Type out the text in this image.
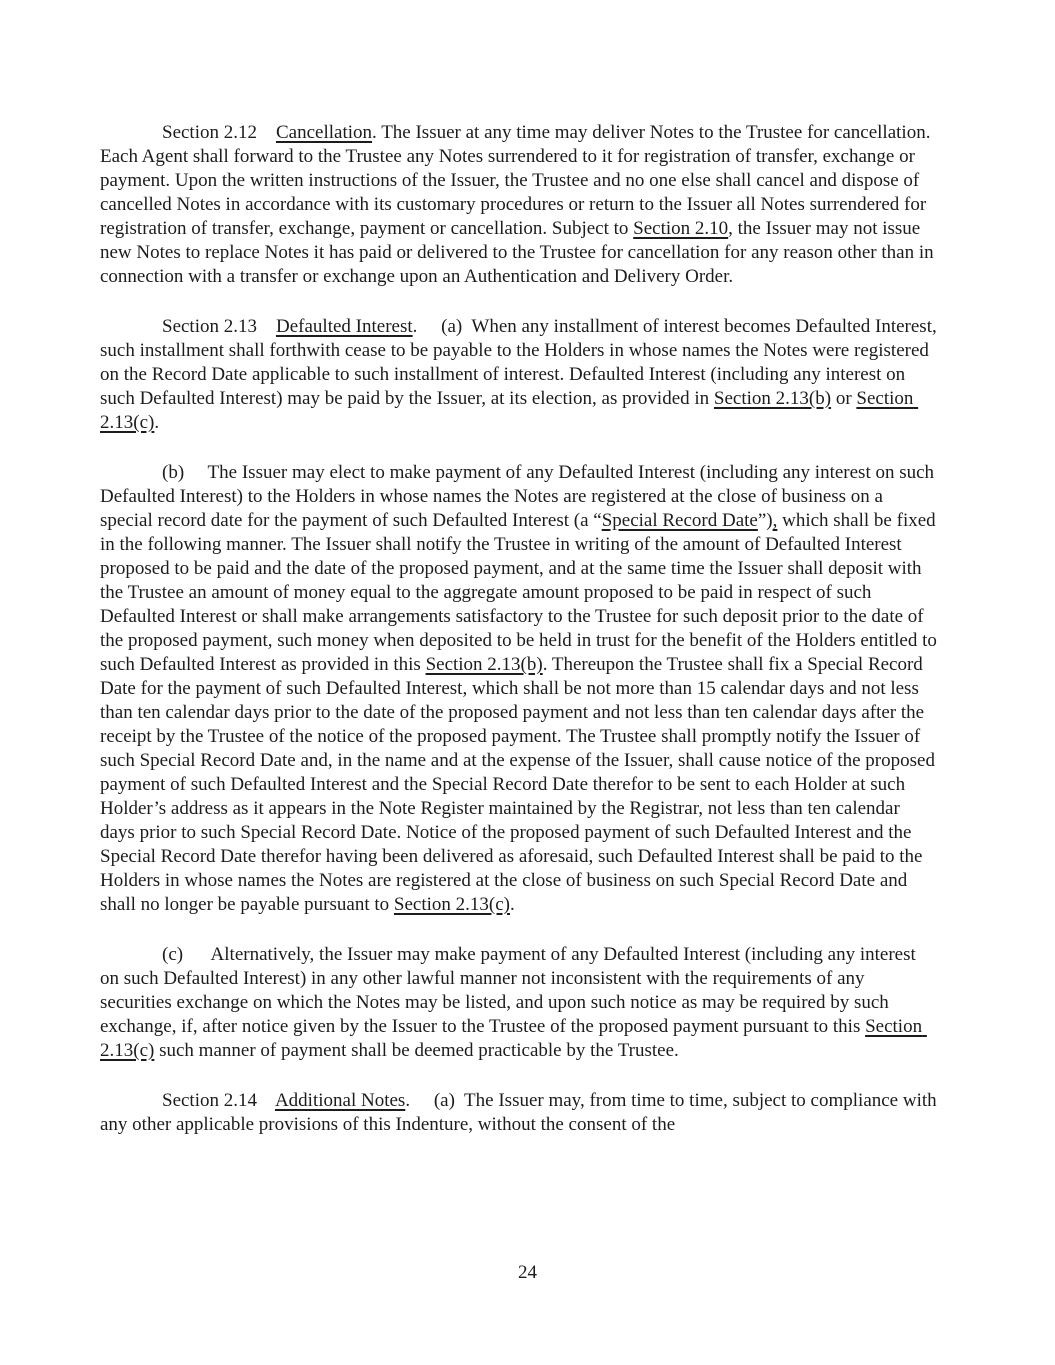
Section 2.12    Cancellation. The Issuer at any time may deliver Notes to the Trustee for cancellation. Each Agent shall forward to the Trustee any Notes surrendered to it for registration of transfer, exchange or payment. Upon the written instructions of the Issuer, the Trustee and no one else shall cancel and dispose of cancelled Notes in accordance with its customary procedures or return to the Issuer all Notes surrendered for registration of transfer, exchange, payment or cancellation. Subject to Section 2.10, the Issuer may not issue new Notes to replace Notes it has paid or delivered to the Trustee for cancellation for any reason other than in connection with a transfer or exchange upon an Authentication and Delivery Order.

Section 2.13    Defaulted Interest.     (a)  When any installment of interest becomes Defaulted Interest, such installment shall forthwith cease to be payable to the Holders in whose names the Notes were registered on the Record Date applicable to such installment of interest. Defaulted Interest (including any interest on such Defaulted Interest) may be paid by the Issuer, at its election, as provided in Section 2.13(b) or Section 2.13(c).

(b)     The Issuer may elect to make payment of any Defaulted Interest (including any interest on such Defaulted Interest) to the Holders in whose names the Notes are registered at the close of business on a special record date for the payment of such Defaulted Interest (a “Special Record Date”), which shall be fixed in the following manner. The Issuer shall notify the Trustee in writing of the amount of Defaulted Interest proposed to be paid and the date of the proposed payment, and at the same time the Issuer shall deposit with the Trustee an amount of money equal to the aggregate amount proposed to be paid in respect of such Defaulted Interest or shall make arrangements satisfactory to the Trustee for such deposit prior to the date of the proposed payment, such money when deposited to be held in trust for the benefit of the Holders entitled to such Defaulted Interest as provided in this Section 2.13(b). Thereupon the Trustee shall fix a Special Record Date for the payment of such Defaulted Interest, which shall be not more than 15 calendar days and not less than ten calendar days prior to the date of the proposed payment and not less than ten calendar days after the receipt by the Trustee of the notice of the proposed payment. The Trustee shall promptly notify the Issuer of such Special Record Date and, in the name and at the expense of the Issuer, shall cause notice of the proposed payment of such Defaulted Interest and the Special Record Date therefor to be sent to each Holder at such Holder’s address as it appears in the Note Register maintained by the Registrar, not less than ten calendar days prior to such Special Record Date. Notice of the proposed payment of such Defaulted Interest and the Special Record Date therefor having been delivered as aforesaid, such Defaulted Interest shall be paid to the Holders in whose names the Notes are registered at the close of business on such Special Record Date and shall no longer be payable pursuant to Section 2.13(c).

(c)      Alternatively, the Issuer may make payment of any Defaulted Interest (including any interest on such Defaulted Interest) in any other lawful manner not inconsistent with the requirements of any securities exchange on which the Notes may be listed, and upon such notice as may be required by such exchange, if, after notice given by the Issuer to the Trustee of the proposed payment pursuant to this Section 2.13(c) such manner of payment shall be deemed practicable by the Trustee.

Section 2.14    Additional Notes.     (a)  The Issuer may, from time to time, subject to compliance with any other applicable provisions of this Indenture, without the consent of the

24
